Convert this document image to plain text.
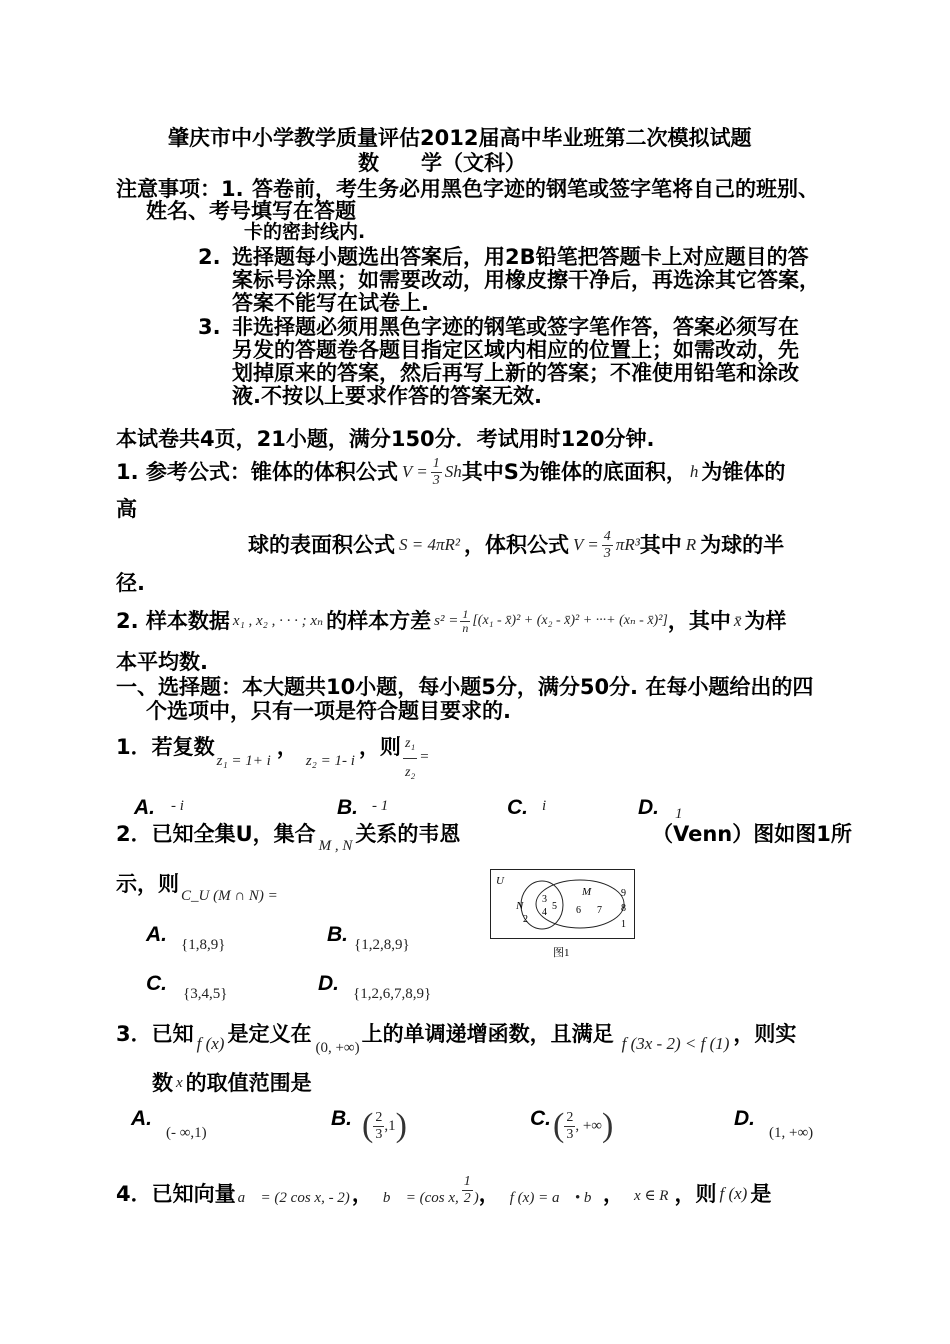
肇庆市中小学教学质量评估2012届高中毕业班第二次模拟试题
数　　学（文科）
注意事项：1. 答卷前，考生务必用黑色字迹的钢笔或签字笔将自己的班别、
姓名、考号填写在答题
卡的密封线内.
2. 选择题每小题选出答案后，用2B铅笔把答题卡上对应题目的答
案标号涂黑；如需要改动，用橡皮擦干净后，再选涂其它答案，
答案不能写在试卷上.
3. 非选择题必须用黑色字迹的钢笔或签字笔作答，答案必须写在
另发的答题卷各题目指定区域内相应的位置上；如需改动，先
划掉原来的答案，然后再写上新的答案；不准使用铅笔和涂改
液.不按以上要求作答的答案无效.
本试卷共4页，21小题，满分150分．考试用时120分钟.
1. 参考公式：锥体的体积公式 $V = \frac{1}{3}$ Sh 其中S为锥体的底面积， h 为锥体的
高
球的表面积公式 S = 4πR² ，体积公式 $V = \frac{4}{3} \pi R^3$ 其中 R 为球的半
径.
2. 样本数据 x₁ , x₂ , · · · ; xₙ 的样本方差 $s^2 = \frac{1}{n} [(x_1$ - x̄)² + (x₂ - x̄)² + ···+ (xₙ - x̄)²] ，其中 x̄ 为样
本平均数.
一、选择题：本大题共10小题，每小题5分，满分50分. 在每小题给出的四
个选项中，只有一项是符合题目要求的.
1．若复数
z₁ = 1+ i
，
z₂ = 1- i
，则 $\frac{\text{z₁}}{\text{z₂}}$ =
A. - i	B. - 1	C. i	D. 1
2．已知全集U，集合 M , N 关系的韦恩	（Venn）图如图1所
示，则 C_U (M ∩ N) =
U
N
M
2
3
4
5 6 7
9
8
1
图1
A. {1,8,9}	B. {1,2,8,9}
C. {3,4,5}	D. {1,2,6,7,8,9}
3．已知 f (x) 是定义在
(0, +∞)
上的单调递增函数，且满足 f (3x - 2) < f (1) ，则实
数 x 的取值范围是
A.(- ∞,1)
B. ( $\frac{2}{3} ,1$ )	C. ( $\frac{2}{3}$ , +∞ )	D.(1, +∞)
4．已知向量 a⃗ = (2 cos x, - 2) ， b⃗ = (cos x, $\frac{1}{2}$ ) ， f (x) = a⃗ • b⃗ ， x ∈ R ，则 f (x) 是
